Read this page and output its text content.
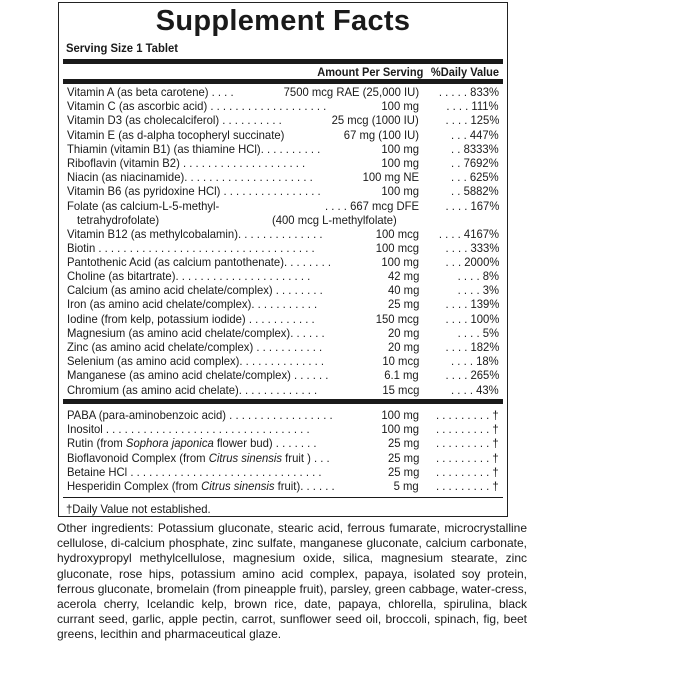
Supplement Facts
Serving Size 1 Tablet
Amount Per Serving %Daily Value
Vitamin A (as beta carotene) . . . .	7500 mcg RAE (25,000 IU) . . . . . 833%
Vitamin C (as ascorbic acid) . . . . . . . . . . . . . . . . . . .	100 mg . . . . 111%
Vitamin D3 (as cholecalciferol) . . . . . . . . . .	25 mcg (1000 IU) . . . . 125%
Vitamin E (as d-alpha tocopheryl succinate)	67 mg (100 IU)	. . . 447%
Thiamin (vitamin B1) (as thiamine HCl). . . . . . . . . .	100 mg	. . 8333%
Riboflavin (vitamin B2) . . . . . . . . . . . . . . . . . . . .	100 mg	. . 7692%
Niacin (as niacinamide). . . . . . . . . . . . . . . . . . . . .	100 mg NE	. . . 625%
Vitamin B6 (as pyridoxine HCl) . . . . . . . . . . . . . . . .	100 mg	. . 5882%
Folate (as calcium-L-5-methyl-	. . . . 667 mcg DFE . . . . 167%
tetrahydrofolate)	(400 mcg L-methylfolate)
Vitamin B12 (as methylcobalamin). . . . . . . . . . . . . .	100 mcg . . . . 4167%
Biotin . . . . . . . . . . . . . . . . . . . . . . . . . . . . . . . . . . .	100 mcg . . . . 333%
Pantothenic Acid (as calcium pantothenate). . . . . . . .	100 mg . . . 2000%
Choline (as bitartrate). . . . . . . . . . . . . . . . . . . . . .	42 mg	. . . . 8%
Calcium (as amino acid chelate/complex) . . . . . . . .	40 mg	. . . . 3%
Iron (as amino acid chelate/complex). . . . . . . . . . .	25 mg . . . . 139%
Iodine (from kelp, potassium iodide) . . . . . . . . . . .	150 mcg . . . . 100%
Magnesium (as amino acid chelate/complex). . . . . .	20 mg	. . . . 5%
Zinc (as amino acid chelate/complex) . . . . . . . . . . .	20 mg . . . . 182%
Selenium (as amino acid complex). . . . . . . . . . . . . .	10 mcg	. . . . 18%
Manganese (as amino acid chelate/complex) . . . . . .	6.1 mg . . . . 265%
Chromium (as amino acid chelate). . . . . . . . . . . . .	15 mcg	. . . . 43%
PABA (para-aminobenzoic acid) . . . . . . . . . . . . . . . . .	100 mg . . . . . . . . . †
Inositol . . . . . . . . . . . . . . . . . . . . . . . . . . . . . . . . .	100 mg . . . . . . . . . †
Rutin (from Sophora japonica flower bud) . . . . . . .	25 mg . . . . . . . . . †
Bioflavonoid Complex (from Citrus sinensis fruit ) . . .	25 mg . . . . . . . . . †
Betaine HCl . . . . . . . . . . . . . . . . . . . . . . . . . . . . . . .	25 mg . . . . . . . . . †
Hesperidin Complex (from Citrus sinensis fruit). . . . . .	5 mg . . . . . . . . . †
†Daily Value not established.
Other ingredients: Potassium gluconate, stearic acid, ferrous fumarate, microcrystalline cellulose, di-calcium phosphate, zinc sulfate, manganese gluconate, calcium carbonate, hydroxypropyl methylcellulose, magnesium oxide, silica, magnesium stearate, zinc gluconate, rose hips, potassium amino acid complex, papaya, isolated soy protein, ferrous gluconate, bromelain (from pineapple fruit), parsley, green cabbage, water-cress, acerola cherry, Icelandic kelp, brown rice, date, papaya, chlorella, spirulina, black currant seed, garlic, apple pectin, carrot, sunflower seed oil, broccoli, spinach, fig, beet greens, lecithin and pharmaceutical glaze.
